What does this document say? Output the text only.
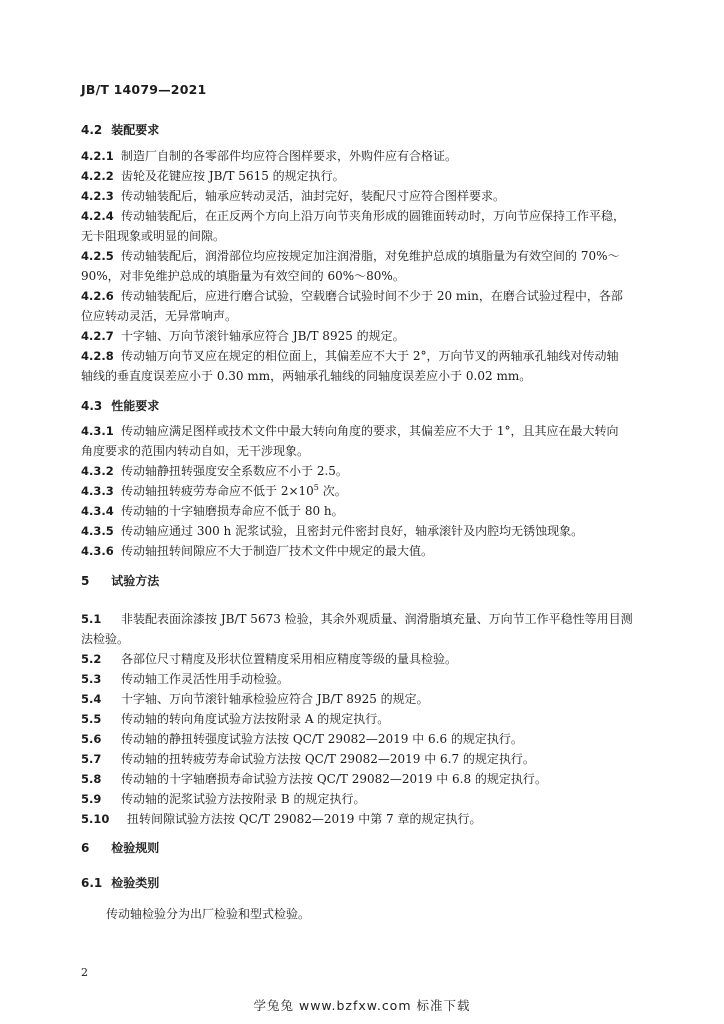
JB/T 14079—2021
4.2 装配要求
4.2.1 制造厂自制的各零部件均应符合图样要求，外购件应有合格证。
4.2.2 齿轮及花键应按 JB/T 5615 的规定执行。
4.2.3 传动轴装配后，轴承应转动灵活，油封完好，装配尺寸应符合图样要求。
4.2.4 传动轴装配后，在正反两个方向上沿万向节夹角形成的圆锥面转动时，万向节应保持工作平稳，
无卡阻现象或明显的间隙。
4.2.5 传动轴装配后，润滑部位均应按规定加注润滑脂，对免维护总成的填脂量为有效空间的 70%～
90%，对非免维护总成的填脂量为有效空间的 60%～80%。
4.2.6 传动轴装配后，应进行磨合试验，空载磨合试验时间不少于 20 min，在磨合试验过程中，各部
位应转动灵活，无异常响声。
4.2.7 十字轴、万向节滚针轴承应符合 JB/T 8925 的规定。
4.2.8 传动轴万向节叉应在规定的相位面上，其偏差应不大于 2°，万向节叉的两轴承孔轴线对传动轴
轴线的垂直度误差应小于 0.30 mm，两轴承孔轴线的同轴度误差应小于 0.02 mm。
4.3 性能要求
4.3.1 传动轴应满足图样或技术文件中最大转向角度的要求，其偏差应不大于 1°，且其应在最大转向
角度要求的范围内转动自如，无干涉现象。
4.3.2 传动轴静扭转强度安全系数应不小于 2.5。
4.3.3 传动轴扭转疲劳寿命应不低于 $2\times 10^5$ 次。
4.3.4 传动轴的十字轴磨损寿命应不低于 80 h。
4.3.5 传动轴应通过 300 h 泥浆试验，且密封元件密封良好，轴承滚针及内腔均无锈蚀现象。
4.3.6 传动轴扭转间隙应不大于制造厂技术文件中规定的最大值。
5 试验方法
5.1 非装配表面涂漆按 JB/T 5673 检验，其余外观质量、润滑脂填充量、万向节工作平稳性等用目测
法检验。
5.2 各部位尺寸精度及形状位置精度采用相应精度等级的量具检验。
5.3 传动轴工作灵活性用手动检验。
5.4 十字轴、万向节滚针轴承检验应符合 JB/T 8925 的规定。
5.5 传动轴的转向角度试验方法按附录 A 的规定执行。
5.6 传动轴的静扭转强度试验方法按 QC/T 29082—2019 中 6.6 的规定执行。
5.7 传动轴的扭转疲劳寿命试验方法按 QC/T 29082—2019 中 6.7 的规定执行。
5.8 传动轴的十字轴磨损寿命试验方法按 QC/T 29082—2019 中 6.8 的规定执行。
5.9 传动轴的泥浆试验方法按附录 B 的规定执行。
5.10 扭转间隙试验方法按 QC/T 29082—2019 中第 7 章的规定执行。
6 检验规则
6.1 检验类别
传动轴检验分为出厂检验和型式检验。
2
学兔兔 www.bzfxw.com 标准下载
